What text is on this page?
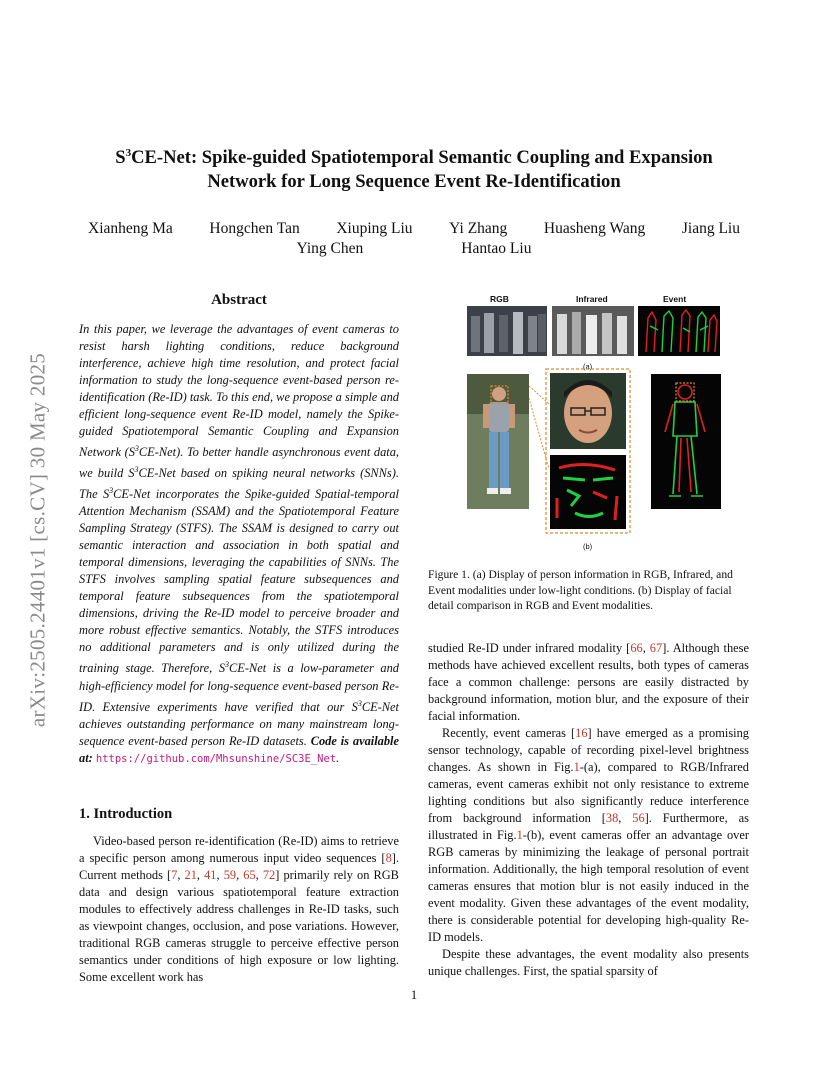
arXiv:2505.24401v1 [cs.CV] 30 May 2025
$S^3CE$-Net: Spike-guided Spatiotemporal Semantic Coupling and Expansion
Network for Long Sequence Event Re-Identification
Xianheng Ma Hongchen Tan Xiuping Liu Yi Zhang Huasheng Wang Jiang Liu
Ying Chen	Hantao Liu
Abstract

In this paper, we leverage the advantages of event cameras to resist harsh lighting conditions, reduce background interference, achieve high time resolution, and protect facial information to study the long-sequence event-based person re-identification (Re-ID) task. To this end, we propose a simple and efficient long-sequence event Re-ID model, namely the Spike-guided Spatiotemporal Semantic Coupling and Expansion Network $(S^3CE-Net)$. To better handle asynchronous event data, we build $S^3CE$-Net based on spiking neural networks (SNNs). The $S^3CE$-Net incorporates the Spike-guided Spatial-temporal Attention Mechanism (SSAM) and the Spatiotemporal Feature Sampling Strategy (STFS). The SSAM is designed to carry out semantic interaction and association in both spatial and temporal dimensions, leveraging the capabilities of SNNs. The STFS involves sampling spatial feature subsequences and temporal feature subsequences from the spatiotemporal dimensions, driving the Re-ID model to perceive broader and more robust effective semantics. Notably, the STFS introduces no additional parameters and is only utilized during the training stage. Therefore, $S^3CE$-Net is a low-parameter and high-efficiency model for long-sequence event-based person Re-ID. Extensive experiments have verified that our $S^3CE$-Net achieves outstanding performance on many mainstream long-sequence event-based person Re-ID datasets. Code is available at: https://github.com/Mhsunshine/SC3E_Net.

1. Introduction

Video-based person re-identification (Re-ID) aims to retrieve a specific person among numerous input video sequences [8]. Current methods [7, 21, 41, 59, 65, 72] primarily rely on RGB data and design various spatiotemporal feature extraction modules to effectively address challenges in Re-ID tasks, such as viewpoint changes, occlusion, and pose variations. However, traditional RGB cameras struggle to perceive effective person semantics under conditions of high exposure or low lighting. Some excellent work has

RGB	Infrared	Event
(a)
(b)
Figure 1. (a) Display of person information in RGB, Infrared, and Event modalities under low-light conditions. (b) Display of facial detail comparison in RGB and Event modalities.

studied Re-ID under infrared modality [66, 67]. Although these methods have achieved excellent results, both types of cameras face a common challenge: persons are easily distracted by background information, motion blur, and the exposure of their facial information.

Recently, event cameras [16] have emerged as a promising sensor technology, capable of recording pixel-level brightness changes. As shown in Fig.1-(a), compared to RGB/Infrared cameras, event cameras exhibit not only resistance to extreme lighting conditions but also significantly reduce interference from background information [38, 56]. Furthermore, as illustrated in Fig.1-(b), event cameras offer an advantage over RGB cameras by minimizing the leakage of personal portrait information. Additionally, the high temporal resolution of event cameras ensures that motion blur is not easily induced in the event modality. Given these advantages of the event modality, there is considerable potential for developing high-quality Re-ID models.

Despite these advantages, the event modality also presents unique challenges. First, the spatial sparsity of

1
